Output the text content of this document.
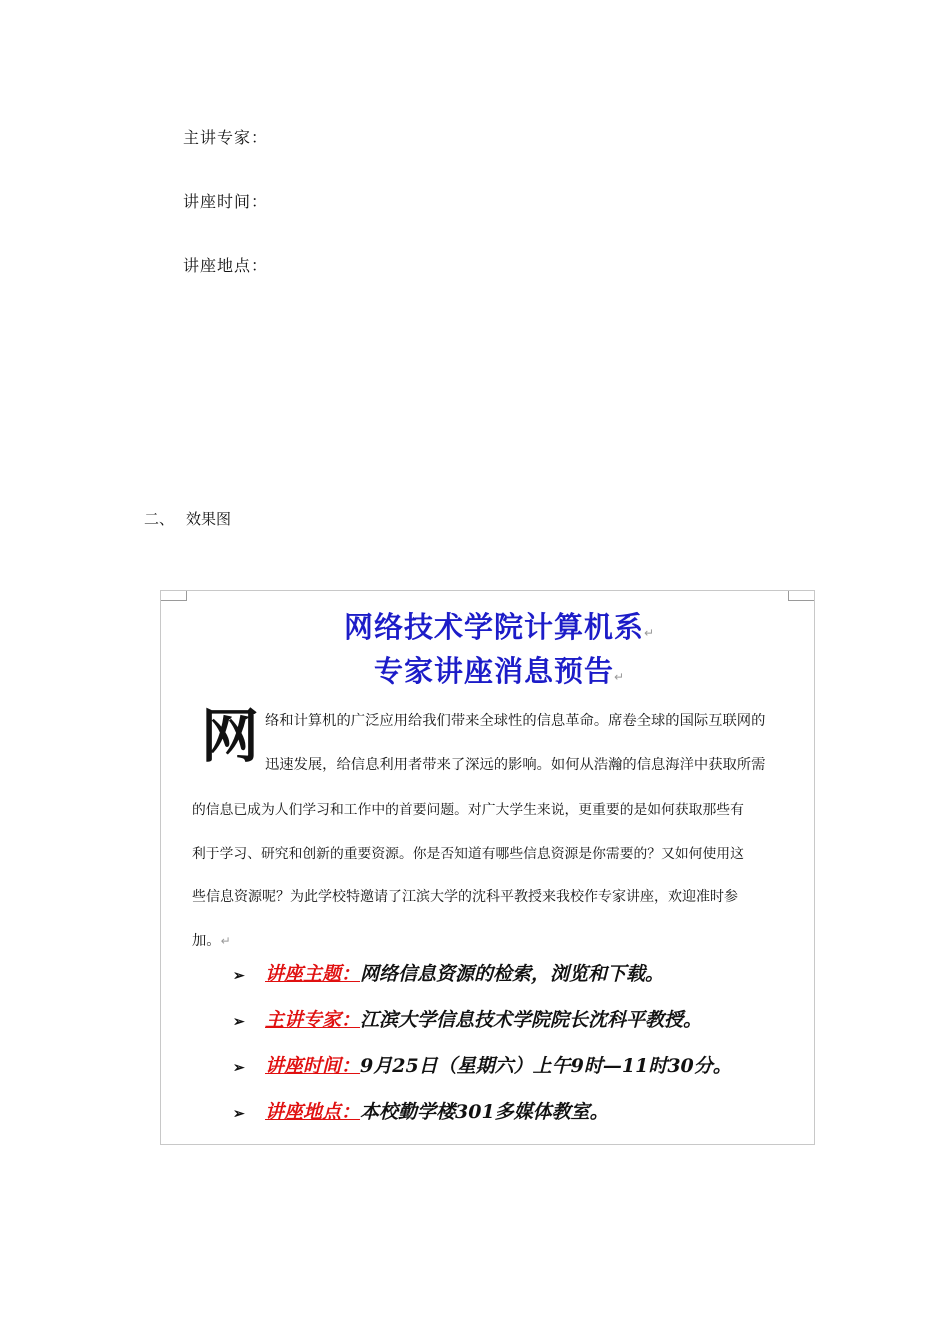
主讲专家：
讲座时间：
讲座地点：
二、 效果图
网络技术学院计算机系↵
专家讲座消息预告↵
网 络和计算机的广泛应用给我们带来全球性的信息革命。席卷全球的国际互联网的
迅速发展，给信息利用者带来了深远的影响。如何从浩瀚的信息海洋中获取所需
的信息已成为人们学习和工作中的首要问题。对广大学生来说，更重要的是如何获取那些有
利于学习、研究和创新的重要资源。你是否知道有哪些信息资源是你需要的？又如何使用这
些信息资源呢？为此学校特邀请了江滨大学的沈科平教授来我校作专家讲座，欢迎准时参
加。↵
➢ 讲座主题：网络信息资源的检索，浏览和下载。
➢ 主讲专家：江滨大学信息技术学院院长沈科平教授。
➢ 讲座时间：9月25日（星期六）上午9时—11时30分。
➢ 讲座地点：本校勤学楼301多媒体教室。
